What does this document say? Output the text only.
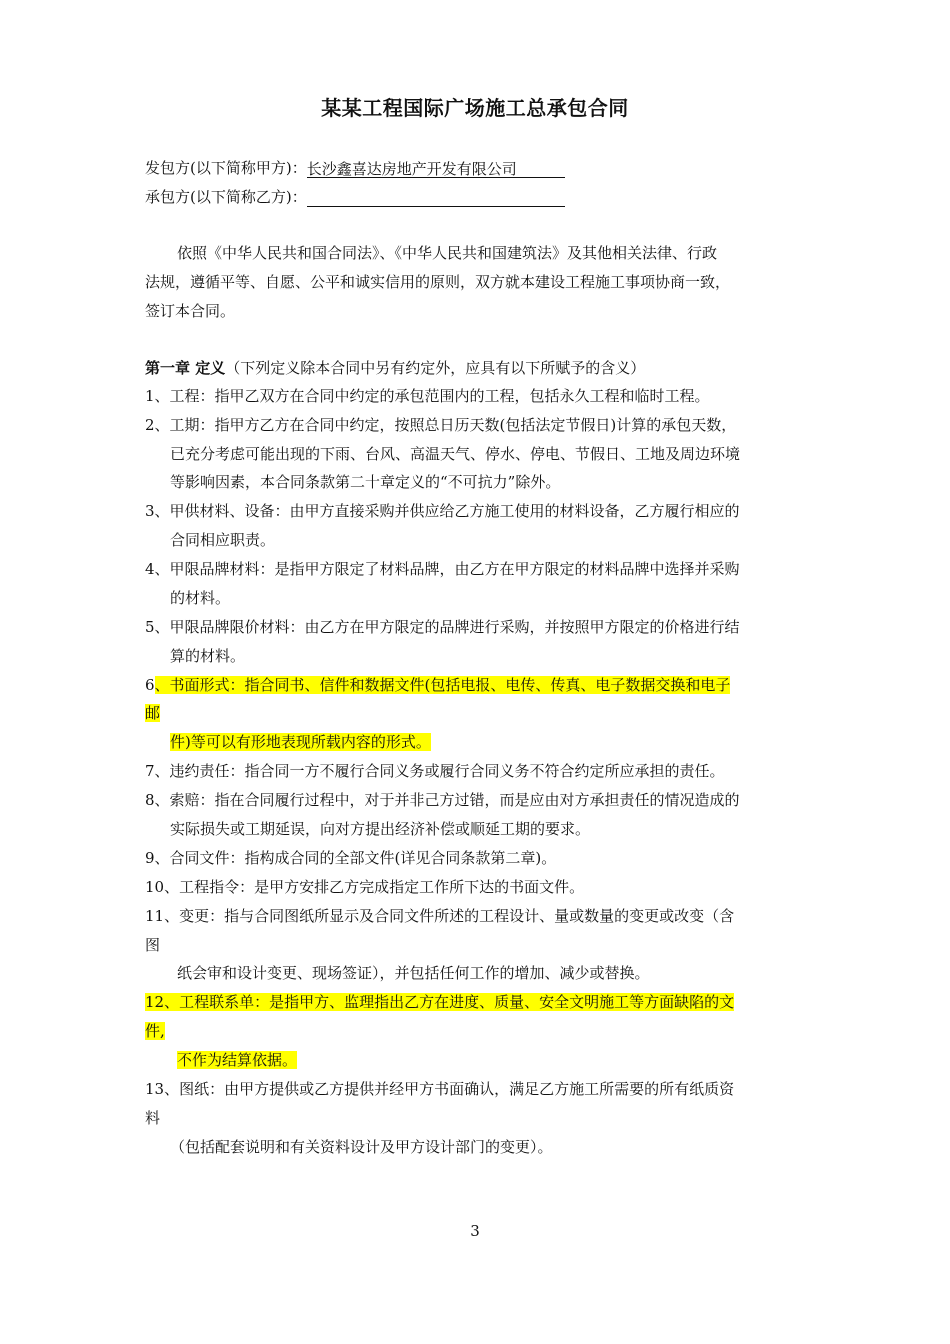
某某工程国际广场施工总承包合同
发包方(以下简称甲方)：长沙鑫喜达房地产开发有限公司
承包方(以下简称乙方)：
依照《中华人民共和国合同法》、《中华人民共和国建筑法》及其他相关法律、行政
法规，遵循平等、自愿、公平和诚实信用的原则，双方就本建设工程施工事项协商一致，
签订本合同。
第一章 定义（下列定义除本合同中另有约定外，应具有以下所赋予的含义）
1、工程：指甲乙双方在合同中约定的承包范围内的工程，包括永久工程和临时工程。
2、工期：指甲方乙方在合同中约定，按照总日历天数(包括法定节假日)计算的承包天数，
已充分考虑可能出现的下雨、台风、高温天气、停水、停电、节假日、工地及周边环境
等影响因素，本合同条款第二十章定义的“不可抗力”除外。
3、甲供材料、设备：由甲方直接采购并供应给乙方施工使用的材料设备，乙方履行相应的
合同相应职责。
4、甲限品牌材料：是指甲方限定了材料品牌，由乙方在甲方限定的材料品牌中选择并采购
的材料。
5、甲限品牌限价材料：由乙方在甲方限定的品牌进行采购，并按照甲方限定的价格进行结
算的材料。
6、书面形式：指合同书、信件和数据文件(包括电报、电传、传真、电子数据交换和电子
邮
件)等可以有形地表现所载内容的形式。
7、违约责任：指合同一方不履行合同义务或履行合同义务不符合约定所应承担的责任。
8、索赔：指在合同履行过程中，对于并非己方过错，而是应由对方承担责任的情况造成的
实际损失或工期延误，向对方提出经济补偿或顺延工期的要求。
9、合同文件：指构成合同的全部文件(详见合同条款第二章)。
10、工程指令：是甲方安排乙方完成指定工作所下达的书面文件。
11、变更：指与合同图纸所显示及合同文件所述的工程设计、量或数量的变更或改变（含
图
纸会审和设计变更、现场签证），并包括任何工作的增加、减少或替换。
12、工程联系单：是指甲方、监理指出乙方在进度、质量、安全文明施工等方面缺陷的文
件,
不作为结算依据。
13、图纸：由甲方提供或乙方提供并经甲方书面确认，满足乙方施工所需要的所有纸质资
料
（包括配套说明和有关资料设计及甲方设计部门的变更）。
3
